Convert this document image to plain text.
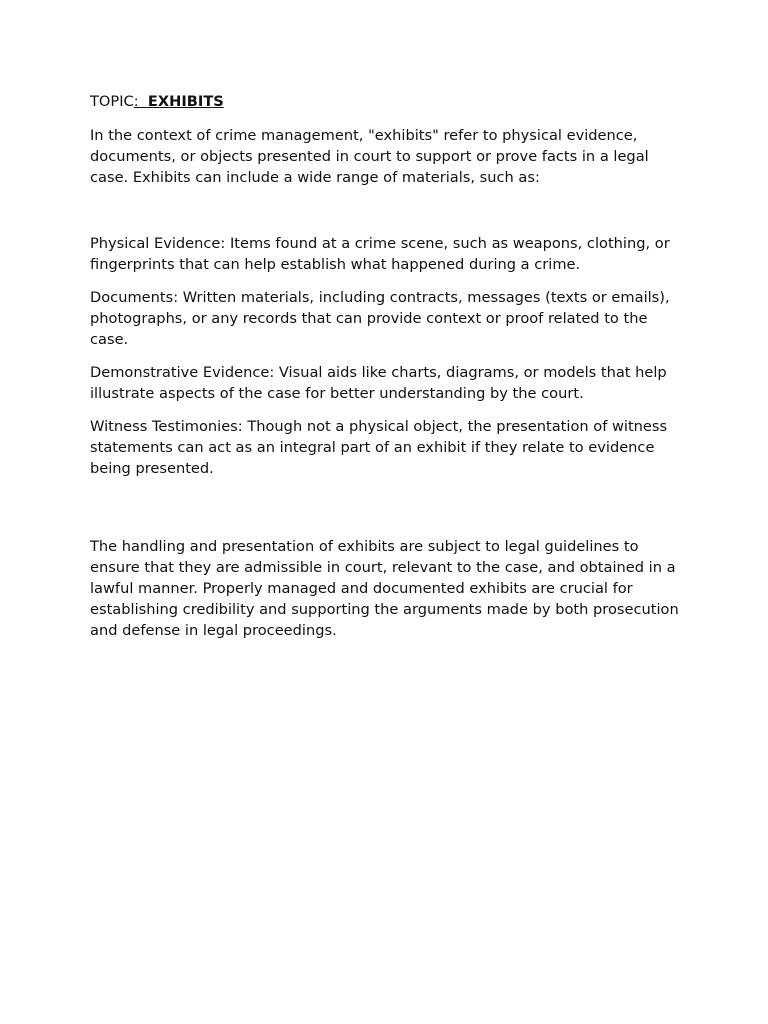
TOPIC:  EXHIBITS

In the context of crime management, "exhibits" refer to physical evidence, documents, or objects presented in court to support or prove facts in a legal case. Exhibits can include a wide range of materials, such as:

Physical Evidence: Items found at a crime scene, such as weapons, clothing, or fingerprints that can help establish what happened during a crime.

Documents: Written materials, including contracts, messages (texts or emails), photographs, or any records that can provide context or proof related to the case.

Demonstrative Evidence: Visual aids like charts, diagrams, or models that help illustrate aspects of the case for better understanding by the court.

Witness Testimonies: Though not a physical object, the presentation of witness statements can act as an integral part of an exhibit if they relate to evidence being presented.

The handling and presentation of exhibits are subject to legal guidelines to ensure that they are admissible in court, relevant to the case, and obtained in a lawful manner. Properly managed and documented exhibits are crucial for establishing credibility and supporting the arguments made by both prosecution and defense in legal proceedings.
